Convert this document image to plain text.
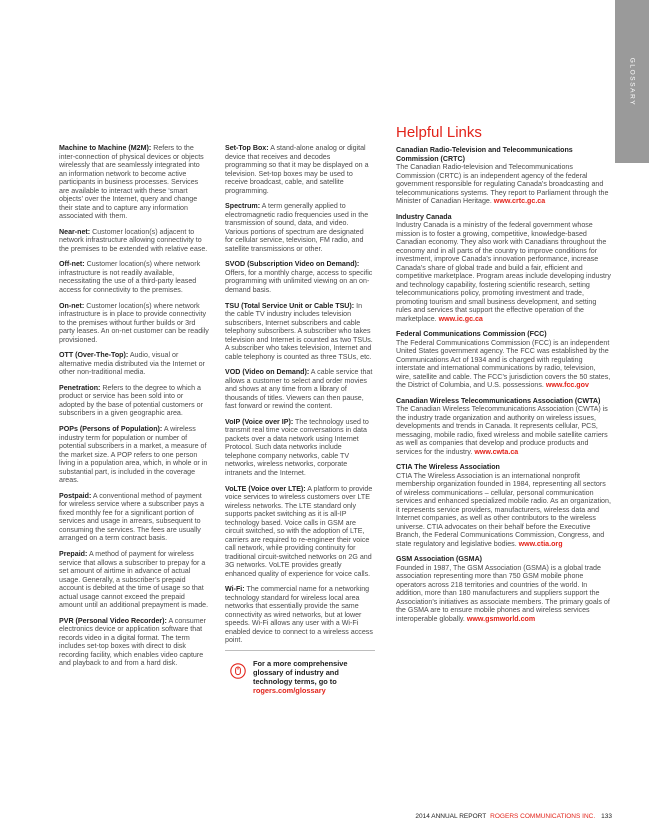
GLOSSARY

Machine to Machine (M2M): Refers to the inter-connection of physical devices or objects wirelessly that are seamlessly integrated into an information network to become active participants in business processes. Services are available to interact with these ‘smart objects’ over the Internet, query and change their state and to capture any information associated with them.

Near-net: Customer location(s) adjacent to network infrastructure allowing connectivity to the premises to be extended with relative ease.

Off-net: Customer location(s) where network infrastructure is not readily available, necessitating the use of a third-party leased access for connectivity to the premises.

On-net: Customer location(s) where network infrastructure is in place to provide connectivity to the premises without further builds or 3rd party leases. An on-net customer can be readily provisioned.

OTT (Over-The-Top): Audio, visual or alternative media distributed via the Internet or other non-traditional media.

Penetration: Refers to the degree to which a product or service has been sold into or adopted by the base of potential customers or subscribers in a given geographic area.

POPs (Persons of Population): A wireless industry term for population or number of potential subscribers in a market, a measure of the market size. A POP refers to one person living in a population area, which, in whole or in substantial part, is included in the coverage areas.

Postpaid: A conventional method of payment for wireless service where a subscriber pays a fixed monthly fee for a significant portion of services and usage in arrears, subsequent to consuming the services. The fees are usually arranged on a term contract basis.

Prepaid: A method of payment for wireless service that allows a subscriber to prepay for a set amount of airtime in advance of actual usage. Generally, a subscriber’s prepaid account is debited at the time of usage so that actual usage cannot exceed the prepaid amount until an additional prepayment is made.

PVR (Personal Video Recorder): A consumer electronics device or application software that records video in a digital format. The term includes set-top boxes with direct to disk recording facility, which enables video capture and playback to and from a hard disk.

Set-Top Box: A stand-alone analog or digital device that receives and decodes programming so that it may be displayed on a television. Set-top boxes may be used to receive broadcast, cable, and satellite programming.

Spectrum: A term generally applied to electromagnetic radio frequencies used in the transmission of sound, data, and video. Various portions of spectrum are designated for cellular service, television, FM radio, and satellite transmissions or other.

SVOD (Subscription Video on Demand): Offers, for a monthly charge, access to specific programming with unlimited viewing on an on-demand basis.

TSU (Total Service Unit or Cable TSU): In the cable TV industry includes television subscribers, Internet subscribers and cable telephony subscribers. A subscriber who takes television and Internet is counted as two TSUs. A subscriber who takes television, Internet and cable telephony is counted as three TSUs, etc.

VOD (Video on Demand): A cable service that allows a customer to select and order movies and shows at any time from a library of thousands of titles. Viewers can then pause, fast forward or rewind the content.

VoIP (Voice over IP): The technology used to transmit real time voice conversations in data packets over a data network using Internet Protocol. Such data networks include telephone company networks, cable TV networks, wireless networks, corporate intranets and the Internet.

VoLTE (Voice over LTE): A platform to provide voice services to wireless customers over LTE wireless networks. The LTE standard only supports packet switching as it is all-IP technology based. Voice calls in GSM are circuit switched, so with the adoption of LTE, carriers are required to re-engineer their voice call network, while providing continuity for traditional circuit-switched networks on 2G and 3G networks. VoLTE provides greatly enhanced quality of experience for voice calls.

Wi-Fi: The commercial name for a networking technology standard for wireless local area networks that essentially provide the same connectivity as wired networks, but at lower speeds. Wi-Fi allows any user with a Wi-Fi enabled device to connect to a wireless access point.

For a more comprehensive glossary of industry and technology terms, go to rogers.com/glossary
Helpful Links
Canadian Radio-Television and Telecommunications Commission (CRTC)
The Canadian Radio-television and Telecommunications Commission (CRTC) is an independent agency of the federal government responsible for regulating Canada’s broadcasting and telecommunications systems. They report to Parliament through the Minister of Canadian Heritage. www.crtc.gc.ca
Industry Canada
Industry Canada is a ministry of the federal government whose mission is to foster a growing, competitive, knowledge-based Canadian economy. They also work with Canadians throughout the economy and in all parts of the country to improve conditions for investment, improve Canada’s innovation performance, increase Canada’s share of global trade and build a fair, efficient and competitive marketplace. Program areas include developing industry and technology capability, fostering scientific research, setting telecommunications policy, promoting investment and trade, promoting tourism and small business development, and setting rules and services that support the effective operation of the marketplace. www.ic.gc.ca
Federal Communications Commission (FCC)
The Federal Communications Commission (FCC) is an independent United States government agency. The FCC was established by the Communications Act of 1934 and is charged with regulating interstate and international communications by radio, television, wire, satellite and cable. The FCC’s jurisdiction covers the 50 states, the District of Columbia, and U.S. possessions. www.fcc.gov
Canadian Wireless Telecommunications Association (CWTA)
The Canadian Wireless Telecommunications Association (CWTA) is the industry trade organization and authority on wireless issues, developments and trends in Canada. It represents cellular, PCS, messaging, mobile radio, fixed wireless and mobile satellite carriers as well as companies that develop and produce products and services for the industry. www.cwta.ca
CTIA The Wireless Association
CTIA The Wireless Association is an international nonprofit membership organization founded in 1984, representing all sectors of wireless communications – cellular, personal communication services and enhanced specialized mobile radio. As an organization, it represents service providers, manufacturers, wireless data and Internet companies, as well as other contributors to the wireless universe. CTIA advocates on their behalf before the Executive Branch, the Federal Communications Commission, Congress, and state regulatory and legislative bodies. www.ctia.org
GSM Association (GSMA)
Founded in 1987, The GSM Association (GSMA) is a global trade association representing more than 750 GSM mobile phone operators across 218 territories and countries of the world. In addition, more than 180 manufacturers and suppliers support the Association’s initiatives as associate members. The primary goals of the GSMA are to ensure mobile phones and wireless services interoperable globally. www.gsmworld.com
2014 ANNUAL REPORT ROGERS COMMUNICATIONS INC. 133
